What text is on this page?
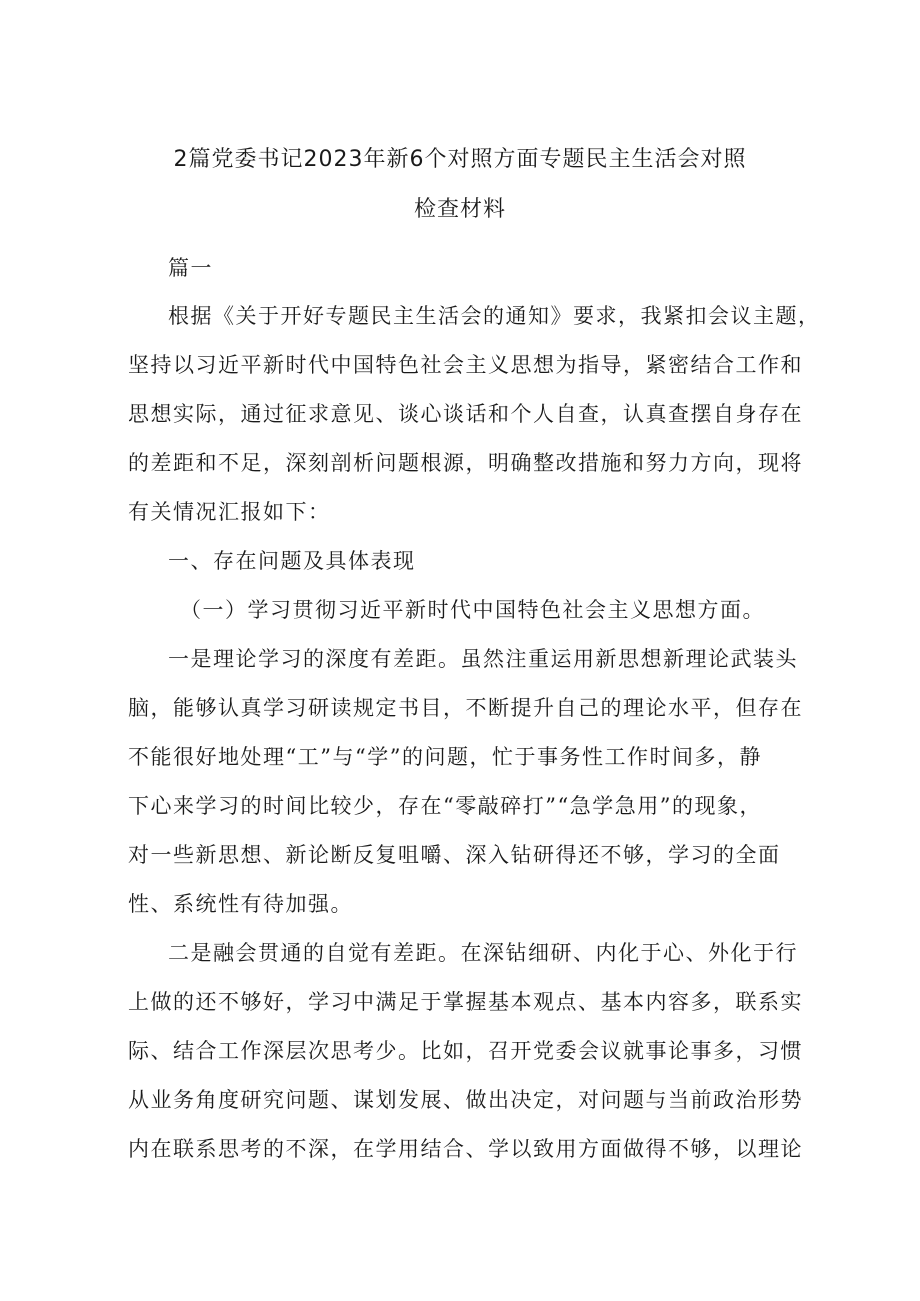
2篇党委书记2023年新6个对照方面专题民主生活会对照
检查材料

篇一

根据《关于开好专题民主生活会的通知》要求，我紧扣会议主题，

坚持以习近平新时代中国特色社会主义思想为指导，紧密结合工作和

思想实际，通过征求意见、谈心谈话和个人自查，认真查摆自身存在

的差距和不足，深刻剖析问题根源，明确整改措施和努力方向，现将

有关情况汇报如下：

一、存在问题及具体表现

（一）学习贯彻习近平新时代中国特色社会主义思想方面。

一是理论学习的深度有差距。虽然注重运用新思想新理论武装头

脑，能够认真学习研读规定书目，不断提升自己的理论水平，但存在

不能很好地处理“工”与“学”的问题，忙于事务性工作时间多，静

下心来学习的时间比较少，存在“零敲碎打”“急学急用”的现象，

对一些新思想、新论断反复咀嚼、深入钻研得还不够，学习的全面

性、系统性有待加强。

二是融会贯通的自觉有差距。在深钻细研、内化于心、外化于行

上做的还不够好，学习中满足于掌握基本观点、基本内容多，联系实

际、结合工作深层次思考少。比如，召开党委会议就事论事多，习惯

从业务角度研究问题、谋划发展、做出决定，对问题与当前政治形势

内在联系思考的不深，在学用结合、学以致用方面做得不够，以理论
